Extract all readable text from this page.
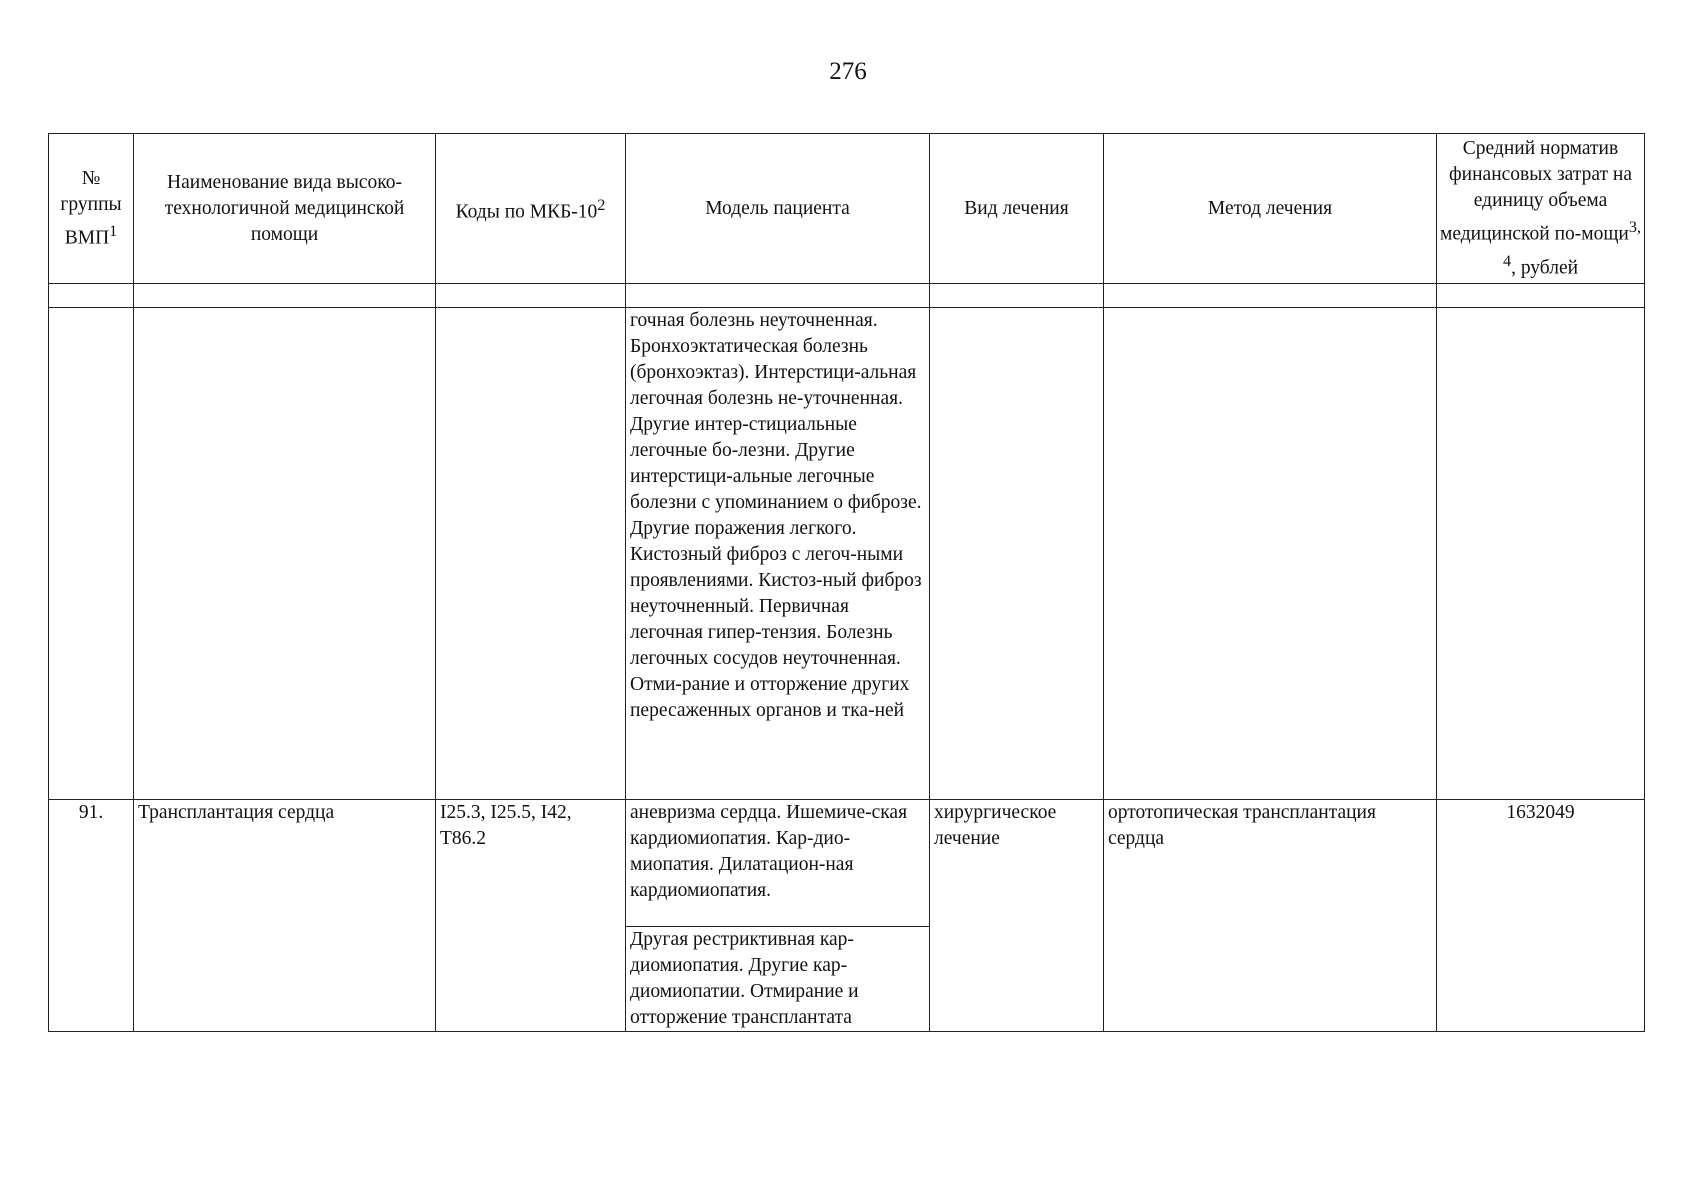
276
№ группы ВМП$^1$	Наименование вида высоко-технологичной медицинской помощи	Коды по МКБ-$10^2$	Модель пациента	Вид лечения	Метод лечения	Средний норматив финансовых затрат на единицу объема медицинской по-мощи$^{3, 4}$, рублей

			гочная болезнь неуточненная. Бронхоэктатическая болезнь (бронхоэктаз). Интерстици-альная легочная болезнь не-уточненная. Другие интер-стициальные легочные бо-лезни. Другие интерстици-альные легочные болезни с упоминанием о фиброзе. Другие поражения легкого. Кистозный фиброз с легоч-ными проявлениями. Кистоз-ный фиброз неуточненный. Первичная легочная гипер-тензия. Болезнь легочных сосудов неуточненная. Отми-рание и отторжение других пересаженных органов и тка-ней			
91.	Трансплантация сердца	I25.3, I25.5, I42, T86.2	аневризма сердца. Ишемиче-ская кардиомиопатия. Кар-дио-миопатия. Дилатацион-ная кардиомиопатия.	хирургическое лечение	ортотопическая трансплантация сердца	1632049
			Другая рестриктивная кар-диомиопатия. Другие кар-диомиопатии. Отмирание и отторжение трансплантата			
